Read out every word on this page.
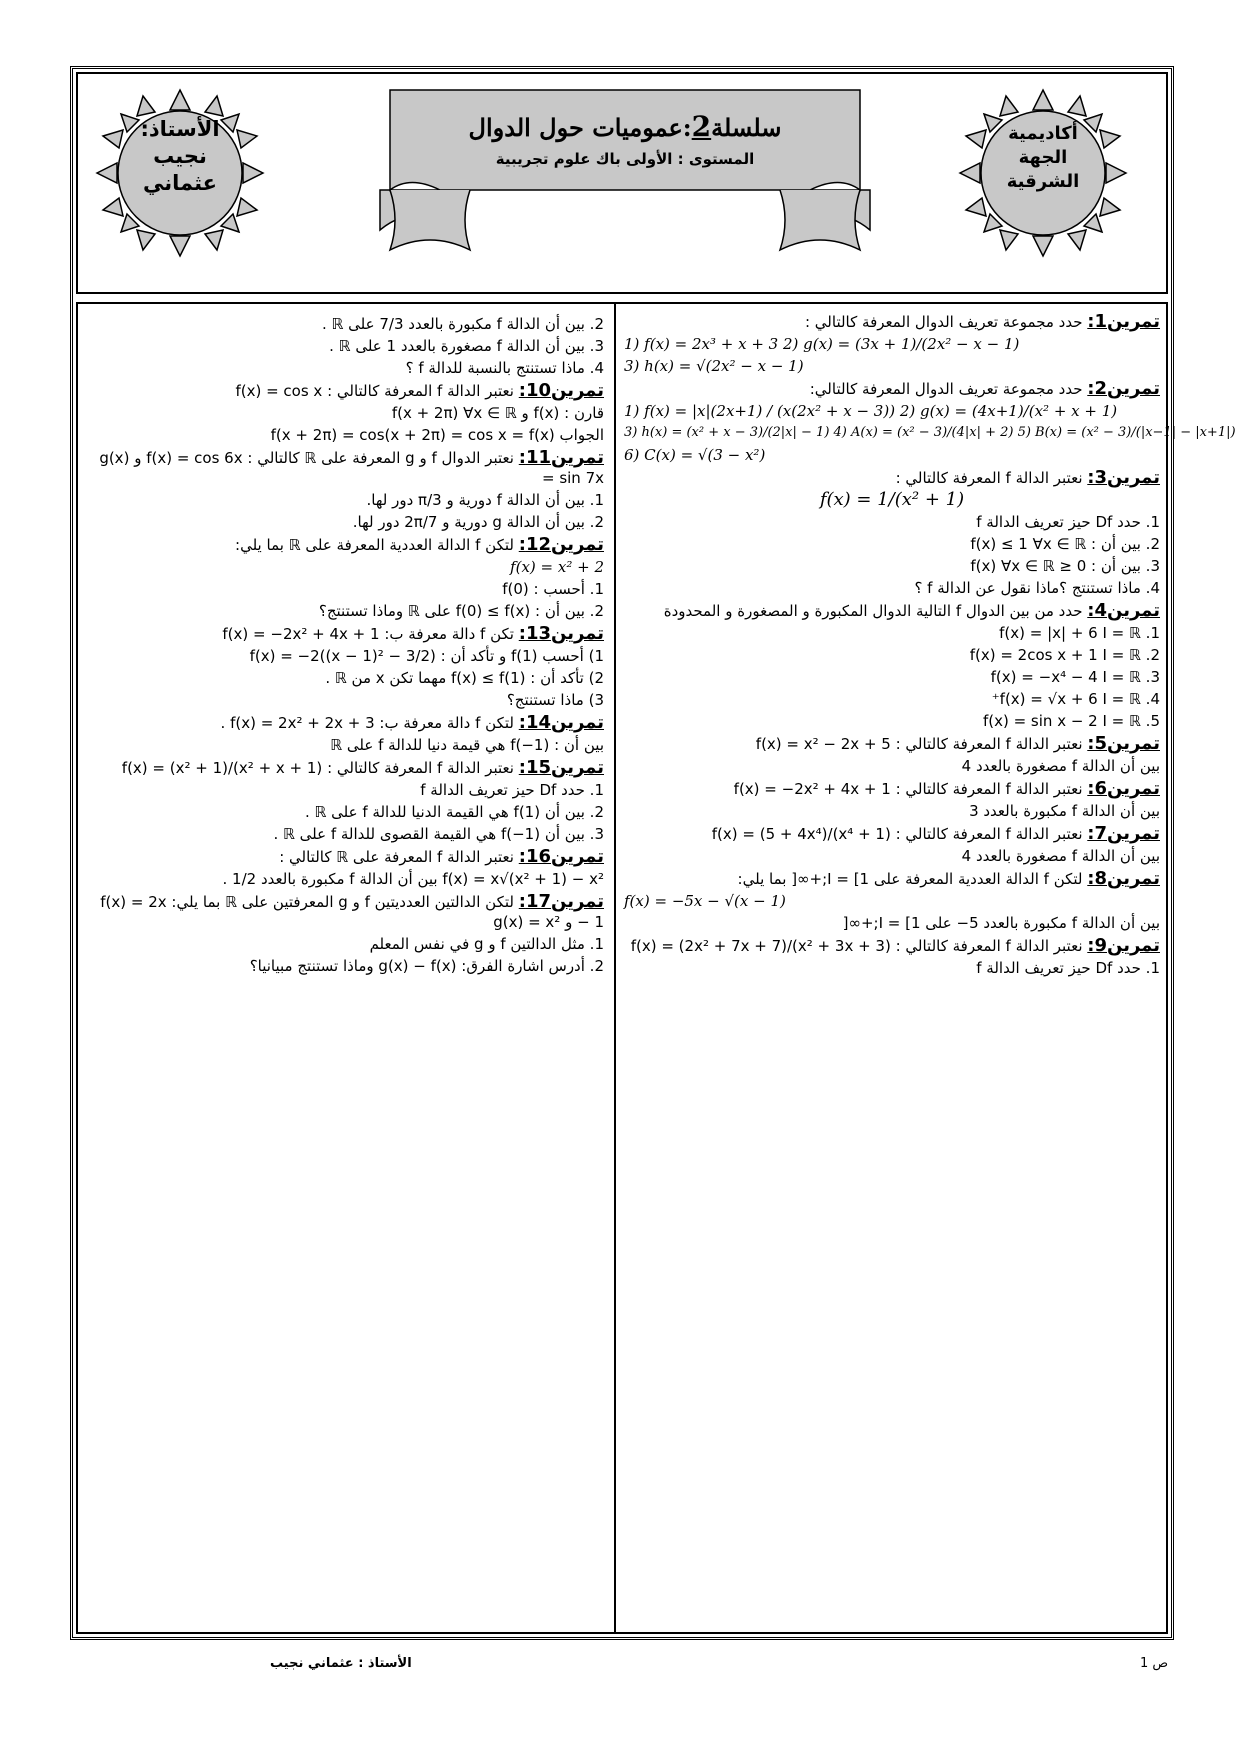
الأستاذ:
نجيب
عثماني
أكاديمية
الجهة
الشرقية
سلسلة2:عموميات حول الدوال
المستوى : الأولى باك علوم تجريبية
تمرين1: حدد مجموعة تعريف الدوال المعرفة كالتالي :
1) f(x) = 2x³ + x + 3 2) g(x) = (3x + 1)/(2x² − x − 1)
3) h(x) = √(2x² − x − 1)
تمرين2: حدد مجموعة تعريف الدوال المعرفة كالتالي:
1) f(x) = |x|(2x+1) / (x(2x² + x − 3)) 2) g(x) = (4x+1)/(x² + x + 1)
3) h(x) = (x² + x − 3)/(2|x| − 1) 4) A(x) = (x² − 3)/(4|x| + 2) 5) B(x) = (x² − 3)/(|x−1| − |x+1|)
6) C(x) = √(3 − x²)
تمرين3: نعتبر الدالة f المعرفة كالتالي :
f(x) = 1/(x² + 1)
1. حدد Df حيز تعريف الدالة f
2. بين أن : f(x) ≤ 1 ∀x ∈ ℝ
3. بين أن : 0 ≤ f(x) ∀x ∈ ℝ
4. ماذا تستنتج ؟ماذا نقول عن الدالة f ؟
تمرين4: حدد من بين الدوال f التالية الدوال المكبورة و المصغورة و المحدودة
1. f(x) = |x| + 6 I = ℝ
2. f(x) = 2cos x + 1 I = ℝ
3. f(x) = −x⁴ − 4 I = ℝ
4. f(x) = √x + 6 I = ℝ⁺
5. f(x) = sin x − 2 I = ℝ
تمرين5: نعتبر الدالة f المعرفة كالتالي : f(x) = x² − 2x + 5
بين أن الدالة f مصغورة بالعدد 4
تمرين6: نعتبر الدالة f المعرفة كالتالي : f(x) = −2x² + 4x + 1
بين أن الدالة f مكبورة بالعدد 3
تمرين7: نعتبر الدالة f المعرفة كالتالي : f(x) = (5 + 4x⁴)/(x⁴ + 1)
بين أن الدالة f مصغورة بالعدد 4
تمرين8: لتكن f الدالة العددية المعرفة على I = [1;+∞[ بما يلي:
f(x) = −5x − √(x − 1)
بين أن الدالة f مكبورة بالعدد 5− على I = [1;+∞[
تمرين9: نعتبر الدالة f المعرفة كالتالي : f(x) = (2x² + 7x + 7)/(x² + 3x + 3)
1. حدد Df حيز تعريف الدالة f
2. بين أن الدالة f مكبورة بالعدد 7/3 على ℝ .
3. بين أن الدالة f مصغورة بالعدد 1 على ℝ .
4. ماذا تستنتج بالنسبة للدالة f ؟
تمرين10: نعتبر الدالة f المعرفة كالتالي : f(x) = cos x
قارن : f(x) و f(x + 2π) ∀x ∈ ℝ
الجواب f(x + 2π) = cos(x + 2π) = cos x = f(x)
تمرين11: نعتبر الدوال f و g المعرفة على ℝ كالتالي : f(x) = cos 6x و g(x) = sin 7x
1. بين أن الدالة f دورية و π/3 دور لها.
2. بين أن الدالة g دورية و 2π/7 دور لها.
تمرين12: لتكن f الدالة العددية المعرفة على ℝ بما يلي:
f(x) = x² + 2
1. أحسب : f(0)
2. بين أن : f(0) ≤ f(x) على ℝ وماذا تستنتج؟
تمرين13: تكن f دالة معرفة ب: f(x) = −2x² + 4x + 1
1) أحسب f(1) و تأكد أن : f(x) = −2((x − 1)² − 3/2)
2) تأكد أن : f(x) ≤ f(1) مهما تكن x من ℝ .
3) ماذا تستنتج؟
تمرين14: لتكن f دالة معرفة ب: f(x) = 2x² + 2x + 3 .
بين أن : f(−1) هي قيمة دنيا للدالة f على ℝ
تمرين15: نعتبر الدالة f المعرفة كالتالي : f(x) = (x² + 1)/(x² + x + 1)
1. حدد Df حيز تعريف الدالة f
2. بين أن f(1) هي القيمة الدنيا للدالة f على ℝ .
3. بين أن f(−1) هي القيمة القصوى للدالة f على ℝ .
تمرين16: نعتبر الدالة f المعرفة على ℝ كالتالي :
f(x) = x√(x² + 1) − x² بين أن الدالة f مكبورة بالعدد 1/2 .
تمرين17: لتكن الدالتين العدديتين f و g المعرفتين على ℝ بما يلي: f(x) = 2x − 1 و g(x) = x²
1. مثل الدالتين f و g في نفس المعلم
2. أدرس اشارة الفرق: g(x) − f(x) وماذا تستنتج مبيانيا؟
الأستاذ : عثماني نجيب	ص 1
